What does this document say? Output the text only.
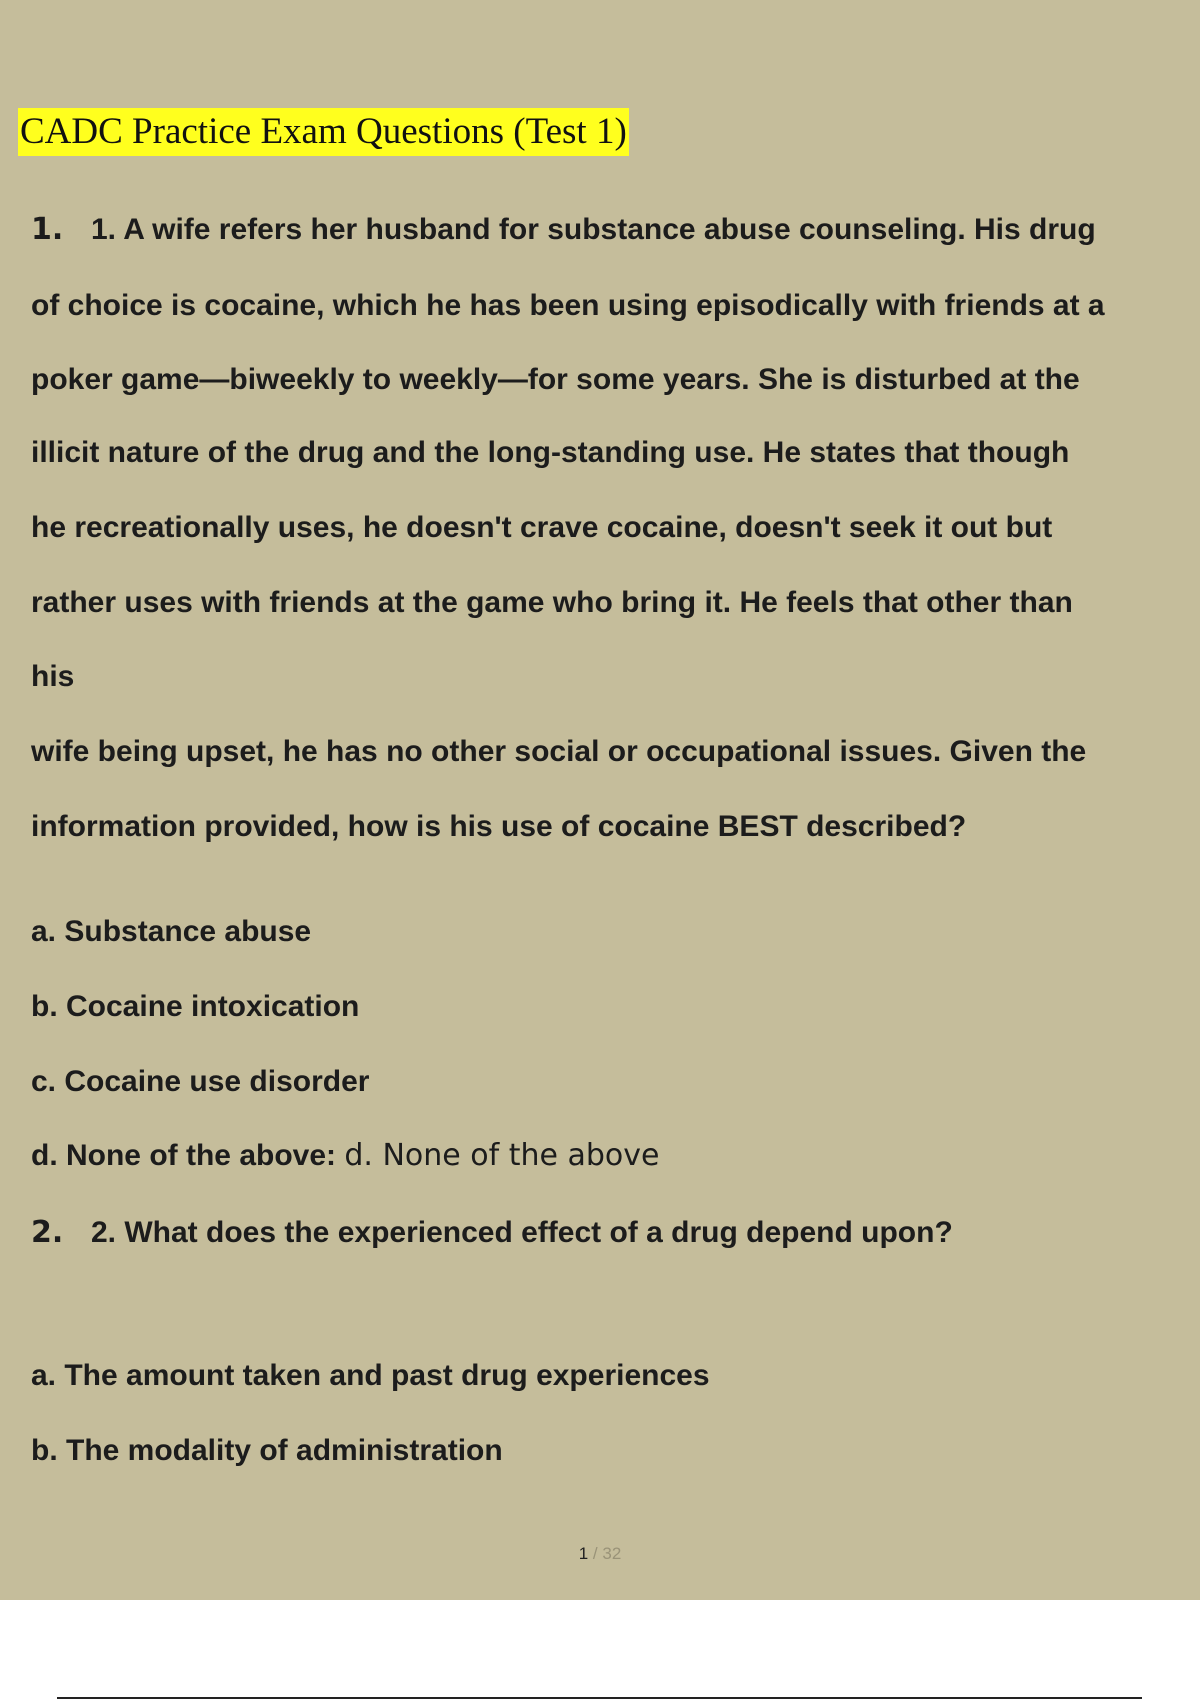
CADC Practice Exam Questions (Test 1)
1. 1. A wife refers her husband for substance abuse counseling. His drug
of choice is cocaine, which he has been using episodically with friends at a
poker game—biweekly to weekly—for some years. She is disturbed at the
illicit nature of the drug and the long-standing use. He states that though
he recreationally uses, he doesn't crave cocaine, doesn't seek it out but
rather uses with friends at the game who bring it. He feels that other than
his
wife being upset, he has no other social or occupational issues. Given the
information provided, how is his use of cocaine BEST described?
a. Substance abuse
b. Cocaine intoxication
c. Cocaine use disorder
d. None of the above: d. None of the above
2. 2. What does the experienced effect of a drug depend upon?
a. The amount taken and past drug experiences
b. The modality of administration
1 / 32
